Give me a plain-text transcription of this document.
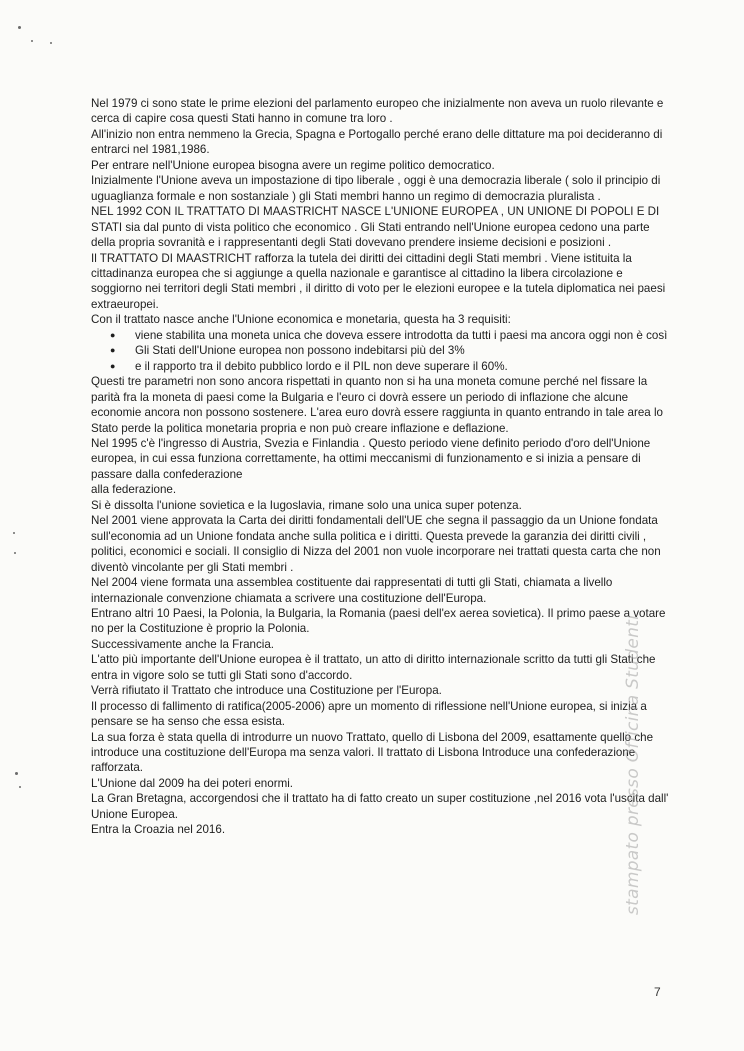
Nel 1979 ci sono state le prime elezioni del parlamento europeo che inizialmente non aveva un ruolo rilevante e cerca di capire cosa questi Stati hanno in comune tra loro .

All'inizio non entra nemmeno la Grecia, Spagna e Portogallo perché erano delle dittature ma poi decideranno di entrarci nel 1981,1986.

Per entrare nell'Unione europea bisogna avere un regime politico democratico.

Inizialmente l'Unione aveva un impostazione di tipo liberale , oggi è una democrazia liberale ( solo il principio di uguaglianza formale e non sostanziale ) gli Stati membri hanno un regimo di democrazia pluralista .

NEL 1992 CON IL TRATTATO DI MAASTRICHT NASCE L'UNIONE EUROPEA , UN UNIONE DI POPOLI E DI STATI sia dal punto di vista politico che economico . Gli Stati entrando nell'Unione europea cedono una parte della propria sovranità e i rappresentanti degli Stati dovevano prendere insieme decisioni e posizioni .

Il TRATTATO DI MAASTRICHT rafforza la tutela dei diritti dei cittadini degli Stati membri . Viene istituita la cittadinanza europea che si aggiunge a quella nazionale e garantisce al cittadino la libera circolazione e soggiorno nei territori degli Stati membri , il diritto di voto per le elezioni europee e la tutela diplomatica nei paesi extraeuropei.

Con il trattato nasce anche l'Unione economica e monetaria, questa ha 3 requisiti:

● viene stabilita una moneta unica che doveva essere introdotta da tutti i paesi ma ancora oggi non è così
● Gli Stati dell'Unione europea non possono indebitarsi più del 3%
● e il rapporto tra il debito pubblico lordo e il PIL non deve superare il 60%.

Questi tre parametri non sono ancora rispettati in quanto non si ha una moneta comune perché nel fissare la parità fra la moneta di paesi come la Bulgaria e l'euro ci dovrà essere un periodo di inflazione che alcune economie ancora non possono sostenere. L'area euro dovrà essere raggiunta in quanto entrando in tale area lo Stato perde la politica monetaria propria e non può creare inflazione e deflazione.

Nel 1995 c'è l'ingresso di Austria, Svezia e Finlandia . Questo periodo viene definito periodo d'oro dell'Unione europea, in cui essa funziona correttamente, ha ottimi meccanismi di funzionamento e si inizia a pensare di passare dalla confederazione

alla federazione.

Si è dissolta l'unione sovietica e la Iugoslavia, rimane solo una unica super potenza.

Nel 2001 viene approvata la Carta dei diritti fondamentali dell'UE che segna il passaggio da un Unione fondata sull'economia ad un Unione fondata anche sulla politica e i diritti. Questa prevede la garanzia dei diritti civili , politici, economici e sociali. Il consiglio di Nizza del 2001 non vuole incorporare nei trattati questa carta che non diventò vincolante per gli Stati membri .

Nel 2004 viene formata una assemblea costituente dai rappresentati di tutti gli Stati, chiamata a livello internazionale convenzione chiamata a scrivere una costituzione dell'Europa.

Entrano altri 10 Paesi, la Polonia, la Bulgaria, la Romania (paesi dell'ex aerea sovietica). Il primo paese a votare no per la Costituzione è proprio la Polonia.

Successivamente anche la Francia.

L'atto più importante dell'Unione europea è il trattato, un atto di diritto internazionale scritto da tutti gli Stati che entra in vigore solo se tutti gli Stati sono d'accordo.

Verrà rifiutato il Trattato che introduce una Costituzione per l'Europa.

Il processo di fallimento di ratifica(2005-2006) apre un momento di riflessione nell'Unione europea, si inizia a pensare se ha senso che essa esista.

La sua forza è stata quella di introdurre un nuovo Trattato, quello di Lisbona del 2009, esattamente quello che introduce una costituzione dell'Europa ma senza valori. Il trattato di Lisbona Introduce una confederazione rafforzata.

L'Unione dal 2009 ha dei poteri enormi.

La Gran Bretagna, accorgendosi che il trattato ha di fatto creato un super costituzione ,nel 2016 vota l'uscita dall' Unione Europea.

Entra la Croazia nel 2016.	stampato presso Officina Studenti
7
